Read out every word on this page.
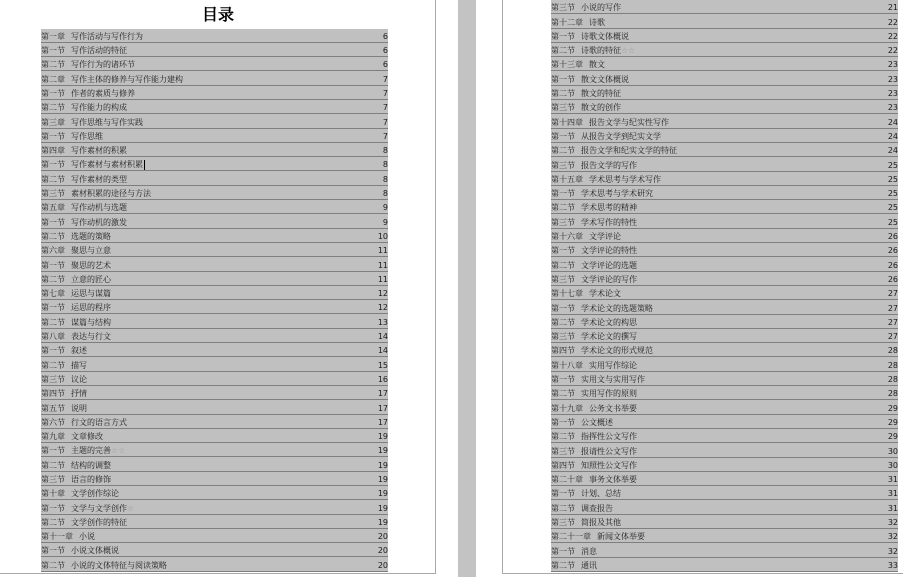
目录
第一章 写作活动与写作行为	6
第一节 写作活动的特征	6
第二节 写作行为的诸环节	6
第二章 写作主体的修养与写作能力建构	7
第一节 作者的素质与修养	7
第二节 写作能力的构成	7
第三章 写作思维与写作实践	7
第一节 写作思维	7
第四章 写作素材的积累	8
第一节 写作素材与素材积累	8
第二节 写作素材的类型	8
第三节 素材积累的途径与方法	8
第五章 写作动机与选题	9
第一节 写作动机的激发	9
第二节 选题的策略	10
第六章 聚思与立意	11
第一节 聚思的艺术	11
第二节 立意的匠心	11
第七章 运思与谋篇	12
第一节 运思的程序	12
第二节 谋篇与结构	13
第八章 表达与行文	14
第一节 叙述	14
第二节 描写	15
第三节 议论	16
第四节 抒情	17
第五节 说明	17
第六节 行文的语言方式	17
第九章 文章修改	19
第一节 主题的完善☆☆	19
第二节 结构的调整	19
第三节 语言的修饰	19
第十章 文学创作综论	19
第一节 文学与文学创作☆	19
第二节 文学创作的特征	19
第十一章 小说	20
第一节 小说文体概说	20
第二节 小说的文体特征与阅读策略	20
第三节 小说的写作	21
第十二章 诗歌	22
第一节 诗歌文体概说	22
第二节 诗歌的特征☆☆	22
第十三章 散文	23
第一节 散文文体概说	23
第二节 散文的特征	23
第三节 散文的创作	23
第十四章 报告文学与纪实性写作	24
第一节 从报告文学到纪实文学	24
第二节 报告文学和纪实文学的特征	24
第三节 报告文学的写作	25
第十五章 学术思考与学术写作	25
第一节 学术思考与学术研究	25
第二节 学术思考的精神	25
第三节 学术写作的特性	25
第十六章 文学评论	26
第一节 文学评论的特性	26
第二节 文学评论的选题	26
第三节 文学评论的写作	26
第十七章 学术论文	27
第一节 学术论文的选题策略	27
第二节 学术论文的构思	27
第三节 学术论文的撰写	27
第四节 学术论文的形式规范	28
第十八章 实用写作综论	28
第一节 实用文与实用写作	28
第二节 实用写作的原则	28
第十九章 公务文书举要	29
第一节 公文概述	29
第二节 指挥性公文写作	29
第三节 报请性公文写作	30
第四节 知照性公文写作	30
第二十章 事务文体举要	31
第一节 计划、总结	31
第二节 调查报告	31
第三节 简报及其他	32
第二十一章 新闻文体举要	32
第一节 消息	32
第二节 通讯	33
